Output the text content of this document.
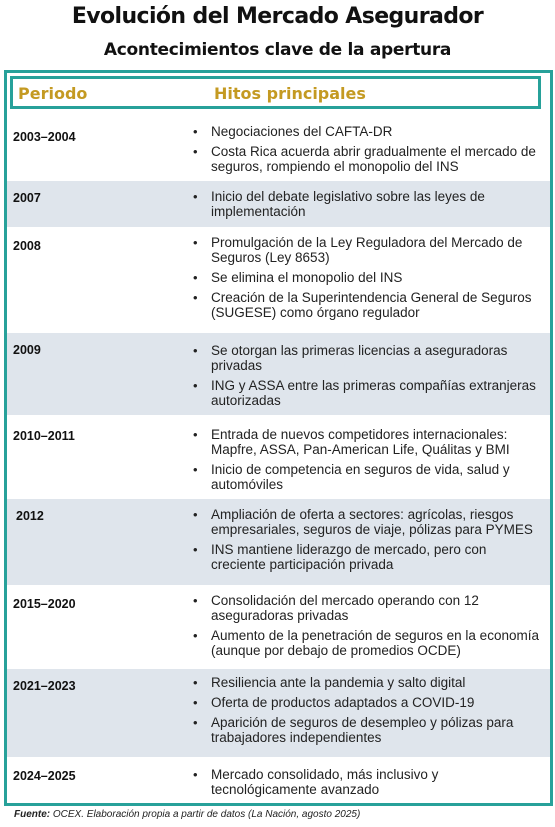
Evolución del Mercado Asegurador
Acontecimientos clave de la apertura
Periodo	Hitos principales
2003–2004	• Negociaciones del CAFTA-DR
• Costa Rica acuerda abrir gradualmente el mercado de seguros, rompiendo el monopolio del INS
2007	• Inicio del debate legislativo sobre las leyes de implementación
2008	• Promulgación de la Ley Reguladora del Mercado de Seguros (Ley 8653)
• Se elimina el monopolio del INS
• Creación de la Superintendencia General de Seguros (SUGESE) como órgano regulador
2009	• Se otorgan las primeras licencias a aseguradoras privadas
• ING y ASSA entre las primeras compañías extranjeras autorizadas
2010–2011	• Entrada de nuevos competidores internacionales: Mapfre, ASSA, Pan-American Life, Quálitas y BMI
• Inicio de competencia en seguros de vida, salud y automóviles
2012	• Ampliación de oferta a sectores: agrícolas, riesgos empresariales, seguros de viaje, pólizas para PYMES
• INS mantiene liderazgo de mercado, pero con creciente participación privada
2015–2020	• Consolidación del mercado operando con 12 aseguradoras privadas
• Aumento de la penetración de seguros en la economía (aunque por debajo de promedios OCDE)
2021–2023	• Resiliencia ante la pandemia y salto digital
• Oferta de productos adaptados a COVID-19
• Aparición de seguros de desempleo y pólizas para trabajadores independientes
2024–2025	• Mercado consolidado, más inclusivo y tecnológicamente avanzado
Fuente: OCEX. Elaboración propia a partir de datos (La Nación, agosto 2025)
